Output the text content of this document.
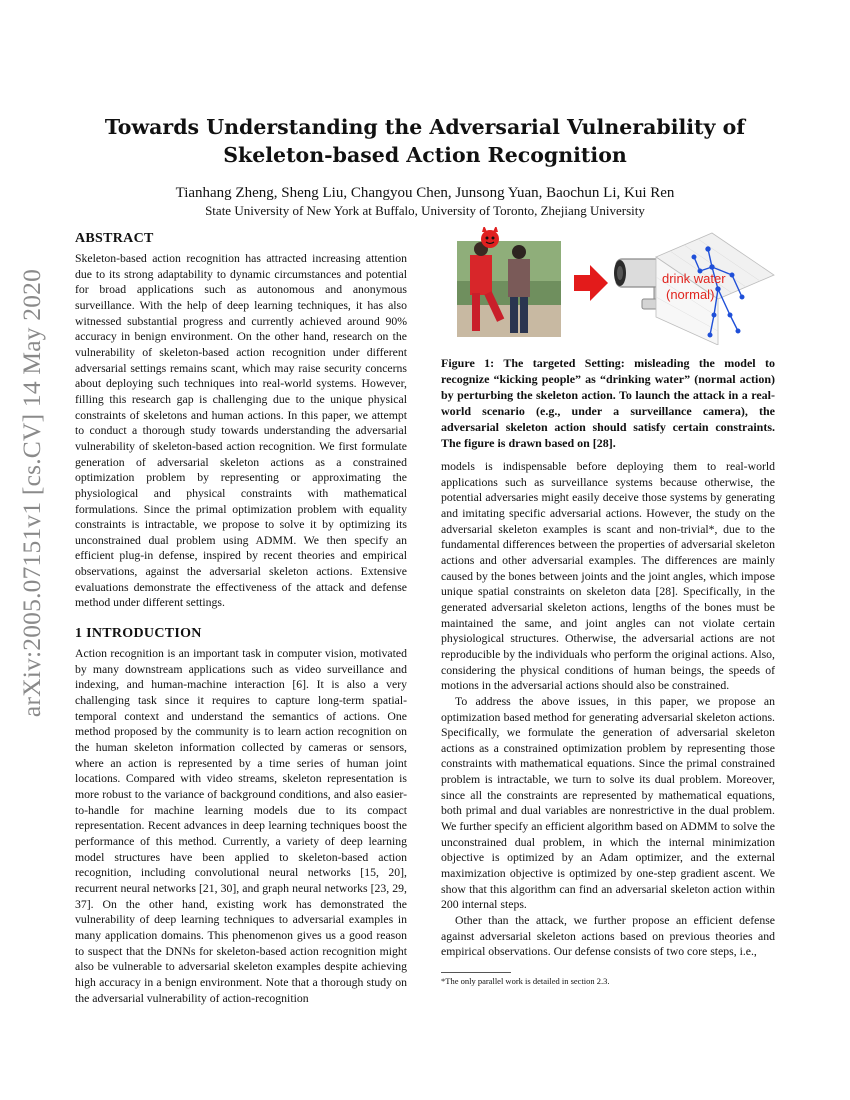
arXiv:2005.07151v1 [cs.CV] 14 May 2020
Towards Understanding the Adversarial Vulnerability of Skeleton-based Action Recognition
Tianhang Zheng, Sheng Liu, Changyou Chen, Junsong Yuan, Baochun Li, Kui Ren
State University of New York at Buffalo, University of Toronto, Zhejiang University
ABSTRACT

Skeleton-based action recognition has attracted increasing attention due to its strong adaptability to dynamic circumstances and potential for broad applications such as autonomous and anonymous surveillance. With the help of deep learning techniques, it has also witnessed substantial progress and currently achieved around 90% accuracy in benign environment. On the other hand, research on the vulnerability of skeleton-based action recognition under different adversarial settings remains scant, which may raise security concerns about deploying such techniques into real-world systems. However, filling this research gap is challenging due to the unique physical constraints of skeletons and human actions. In this paper, we attempt to conduct a thorough study towards understanding the adversarial vulnerability of skeleton-based action recognition. We first formulate generation of adversarial skeleton actions as a constrained optimization problem by representing or approximating the physiological and physical constraints with mathematical formulations. Since the primal optimization problem with equality constraints is intractable, we propose to solve it by optimizing its unconstrained dual problem using ADMM. We then specify an efficient plug-in defense, inspired by recent theories and empirical observations, against the adversarial skeleton actions. Extensive evaluations demonstrate the effectiveness of the attack and defense method under different settings.

1 INTRODUCTION

Action recognition is an important task in computer vision, motivated by many downstream applications such as video surveillance and indexing, and human-machine interaction [6]. It is also a very challenging task since it requires to capture long-term spatial-temporal context and understand the semantics of actions. One method proposed by the community is to learn action recognition on the human skeleton information collected by cameras or sensors, where an action is represented by a time series of human joint locations. Compared with video streams, skeleton representation is more robust to the variance of background conditions, and also easier-to-handle for machine learning models due to its compact representation. Recent advances in deep learning techniques boost the performance of this method. Currently, a variety of deep learning model structures have been applied to skeleton-based action recognition, including convolutional neural networks [15, 20], recurrent neural networks [21, 30], and graph neural networks [23, 29, 37]. On the other hand, existing work has demonstrated the vulnerability of deep learning techniques to adversarial examples in many application domains. This phenomenon gives us a good reason to suspect that the DNNs for skeleton-based action recognition might also be vulnerable to adversarial skeleton examples despite achieving high accuracy in a benign environment. Note that a thorough study on the adversarial vulnerability of action-recognition

drink water
(normal)
Figure 1: The targeted Setting: misleading the model to recognize “kicking people” as “drinking water” (normal action) by perturbing the skeleton action. To launch the attack in a real-world scenario (e.g., under a surveillance camera), the adversarial skeleton action should satisfy certain constraints. The figure is drawn based on [28].

models is indispensable before deploying them to real-world applications such as surveillance systems because otherwise, the potential adversaries might easily deceive those systems by generating and imitating specific adversarial actions. However, the study on the adversarial skeleton examples is scant and non-trivial*, due to the fundamental differences between the properties of adversarial skeleton actions and other adversarial examples. The differences are mainly caused by the bones between joints and the joint angles, which impose unique spatial constraints on skeleton data [28]. Specifically, in the generated adversarial skeleton actions, lengths of the bones must be maintained the same, and joint angles can not violate certain physiological structures. Otherwise, the adversarial actions are not reproducible by the individuals who perform the original actions. Also, considering the physical conditions of human beings, the speeds of motions in the adversarial actions should also be constrained.

To address the above issues, in this paper, we propose an optimization based method for generating adversarial skeleton actions. Specifically, we formulate the generation of adversarial skeleton actions as a constrained optimization problem by representing those constraints with mathematical equations. Since the primal constrained problem is intractable, we turn to solve its dual problem. Moreover, since all the constraints are represented by mathematical equations, both primal and dual variables are nonrestrictive in the dual problem. We further specify an efficient algorithm based on ADMM to solve the unconstrained dual problem, in which the internal minimization objective is optimized by an Adam optimizer, and the external maximization objective is optimized by one-step gradient ascent. We show that this algorithm can find an adversarial skeleton action within 200 internal steps.

Other than the attack, we further propose an efficient defense against adversarial skeleton actions based on previous theories and empirical observations. Our defense consists of two core steps, i.e.,

*The only parallel work is detailed in section 2.3.
